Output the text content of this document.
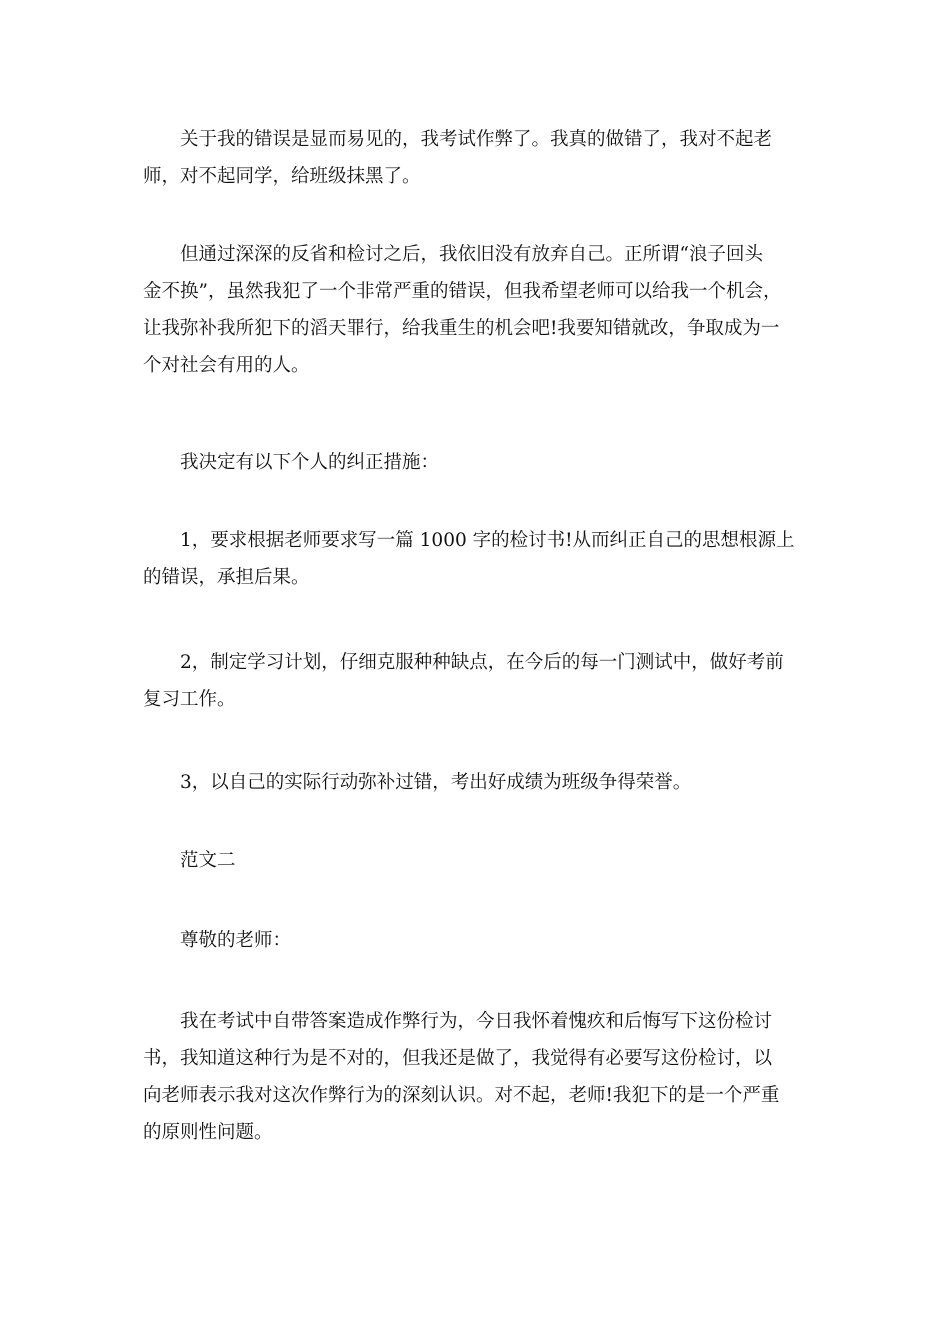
关于我的错误是显而易见的，我考试作弊了。我真的做错了，我对不起老
师，对不起同学，给班级抹黑了。

但通过深深的反省和检讨之后，我依旧没有放弃自己。正所谓“浪子回头
金不换”，虽然我犯了一个非常严重的错误，但我希望老师可以给我一个机会，
让我弥补我所犯下的滔天罪行，给我重生的机会吧!我要知错就改，争取成为一
个对社会有用的人。

我决定有以下个人的纠正措施：

1，要求根据老师要求写一篇 1000 字的检讨书!从而纠正自己的思想根源上
的错误，承担后果。

2，制定学习计划，仔细克服种种缺点，在今后的每一门测试中，做好考前
复习工作。

3，以自己的实际行动弥补过错，考出好成绩为班级争得荣誉。

范文二

尊敬的老师：

我在考试中自带答案造成作弊行为，今日我怀着愧疚和后悔写下这份检讨
书，我知道这种行为是不对的，但我还是做了，我觉得有必要写这份检讨，以
向老师表示我对这次作弊行为的深刻认识。对不起，老师!我犯下的是一个严重
的原则性问题。
